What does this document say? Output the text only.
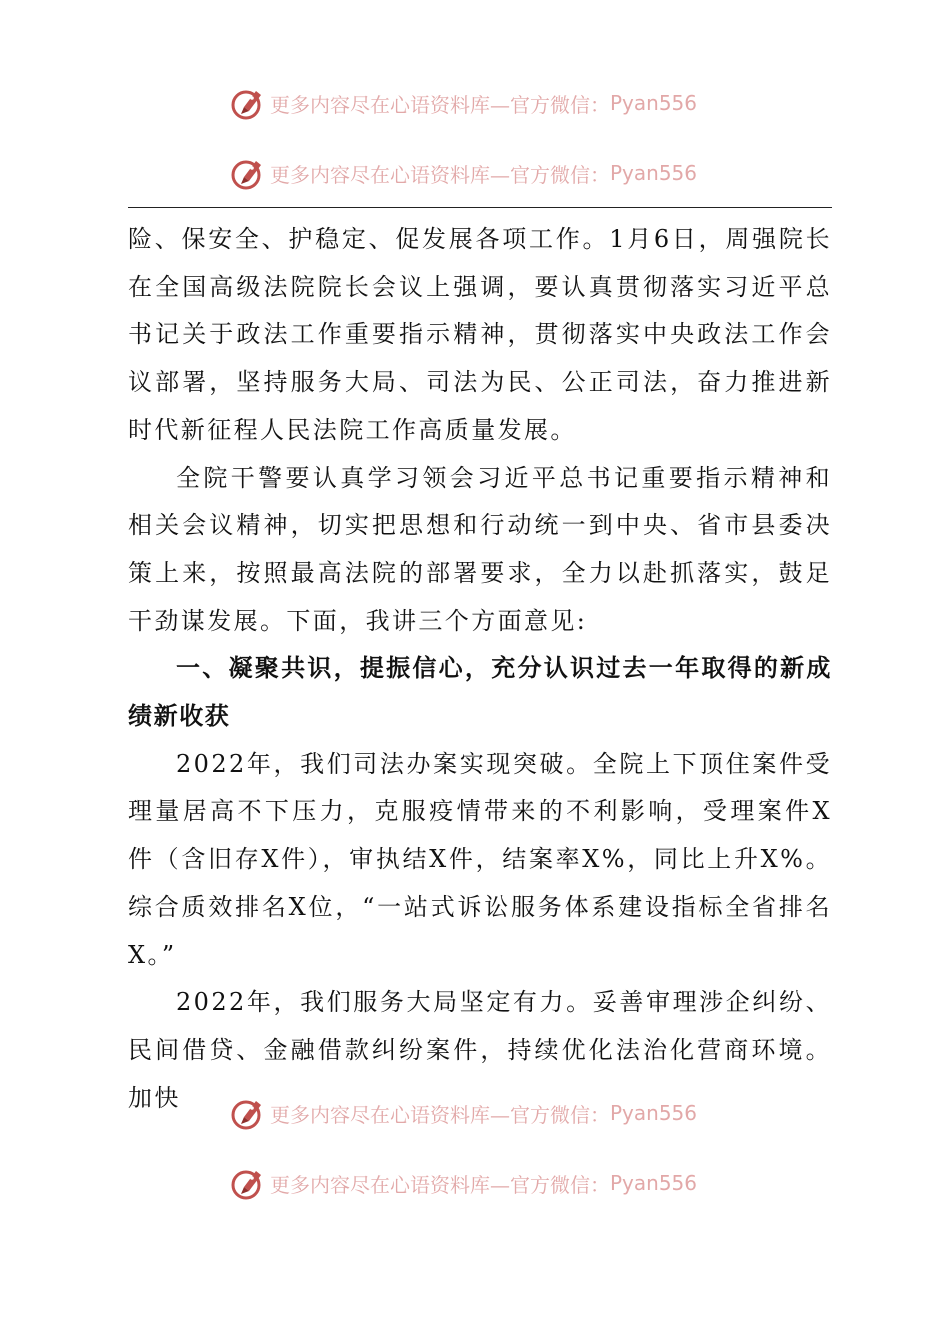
更多内容尽在心语资料库—官方微信： Pyan556
更多内容尽在心语资料库—官方微信： Pyan556

险、保安全、护稳定、促发展各项工作。1月6日，周强院长在全国高级法院院长会议上强调，要认真贯彻落实习近平总书记关于政法工作重要指示精神，贯彻落实中央政法工作会议部署，坚持服务大局、司法为民、公正司法，奋力推进新时代新征程人民法院工作高质量发展。

全院干警要认真学习领会习近平总书记重要指示精神和相关会议精神，切实把思想和行动统一到中央、省市县委决策上来，按照最高法院的部署要求，全力以赴抓落实，鼓足干劲谋发展。下面，我讲三个方面意见:

一、凝聚共识，提振信心，充分认识过去一年取得的新成绩新收获

2022年，我们司法办案实现突破。全院上下顶住案件受理量居高不下压力，克服疫情带来的不利影响，受理案件X件（含旧存X件），审执结X件，结案率X%，同比上升X%。综合质效排名X位，“一站式诉讼服务体系建设指标全省排名X。”

2022年，我们服务大局坚定有力。妥善审理涉企纠纷、民间借贷、金融借款纠纷案件，持续优化法治化营商环境。加快

更多内容尽在心语资料库—官方微信： Pyan556
更多内容尽在心语资料库—官方微信： Pyan556
